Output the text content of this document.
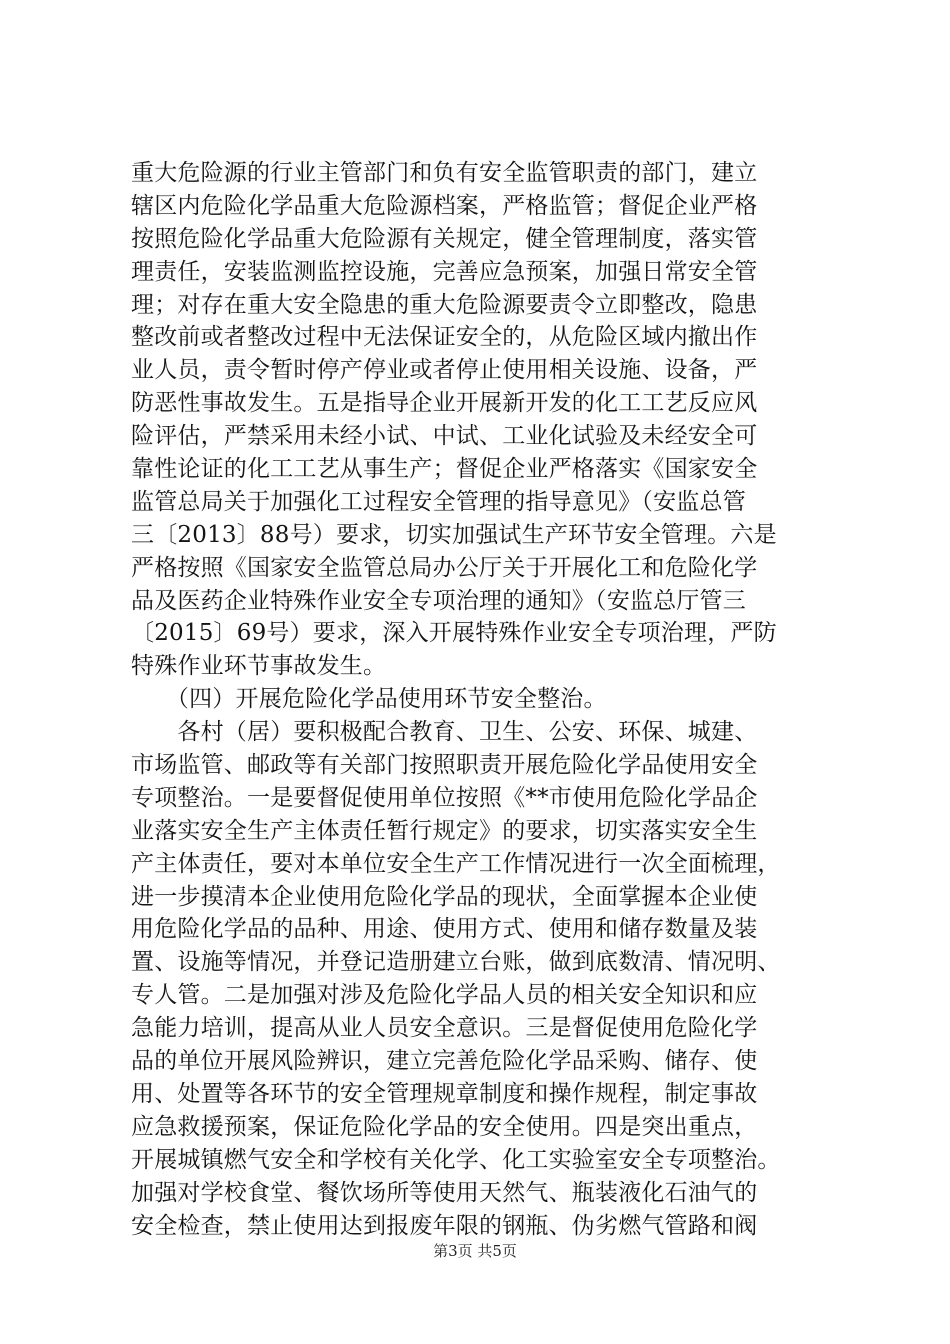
重大危险源的行业主管部门和负有安全监管职责的部门，建立
辖区内危险化学品重大危险源档案，严格监管；督促企业严格
按照危险化学品重大危险源有关规定，健全管理制度，落实管
理责任，安装监测监控设施，完善应急预案，加强日常安全管
理；对存在重大安全隐患的重大危险源要责令立即整改，隐患
整改前或者整改过程中无法保证安全的，从危险区域内撤出作
业人员，责令暂时停产停业或者停止使用相关设施、设备，严
防恶性事故发生。五是指导企业开展新开发的化工工艺反应风
险评估，严禁采用未经小试、中试、工业化试验及未经安全可
靠性论证的化工工艺从事生产；督促企业严格落实《国家安全
监管总局关于加强化工过程安全管理的指导意见》（安监总管
三〔2013〕88号）要求，切实加强试生产环节安全管理。六是
严格按照《国家安全监管总局办公厅关于开展化工和危险化学
品及医药企业特殊作业安全专项治理的通知》（安监总厅管三
〔2015〕69号）要求，深入开展特殊作业安全专项治理，严防
特殊作业环节事故发生。
　　（四）开展危险化学品使用环节安全整治。
　　各村（居）要积极配合教育、卫生、公安、环保、城建、
市场监管、邮政等有关部门按照职责开展危险化学品使用安全
专项整治。一是要督促使用单位按照《**市使用危险化学品企
业落实安全生产主体责任暂行规定》的要求，切实落实安全生
产主体责任，要对本单位安全生产工作情况进行一次全面梳理，
进一步摸清本企业使用危险化学品的现状，全面掌握本企业使
用危险化学品的品种、用途、使用方式、使用和储存数量及装
置、设施等情况，并登记造册建立台账，做到底数清、情况明、
专人管。二是加强对涉及危险化学品人员的相关安全知识和应
急能力培训，提高从业人员安全意识。三是督促使用危险化学
品的单位开展风险辨识，建立完善危险化学品采购、储存、使
用、处置等各环节的安全管理规章制度和操作规程，制定事故
应急救援预案，保证危险化学品的安全使用。四是突出重点，
开展城镇燃气安全和学校有关化学、化工实验室安全专项整治。
加强对学校食堂、餐饮场所等使用天然气、瓶装液化石油气的
安全检查，禁止使用达到报废年限的钢瓶、伪劣燃气管路和阀
第3页 共5页
